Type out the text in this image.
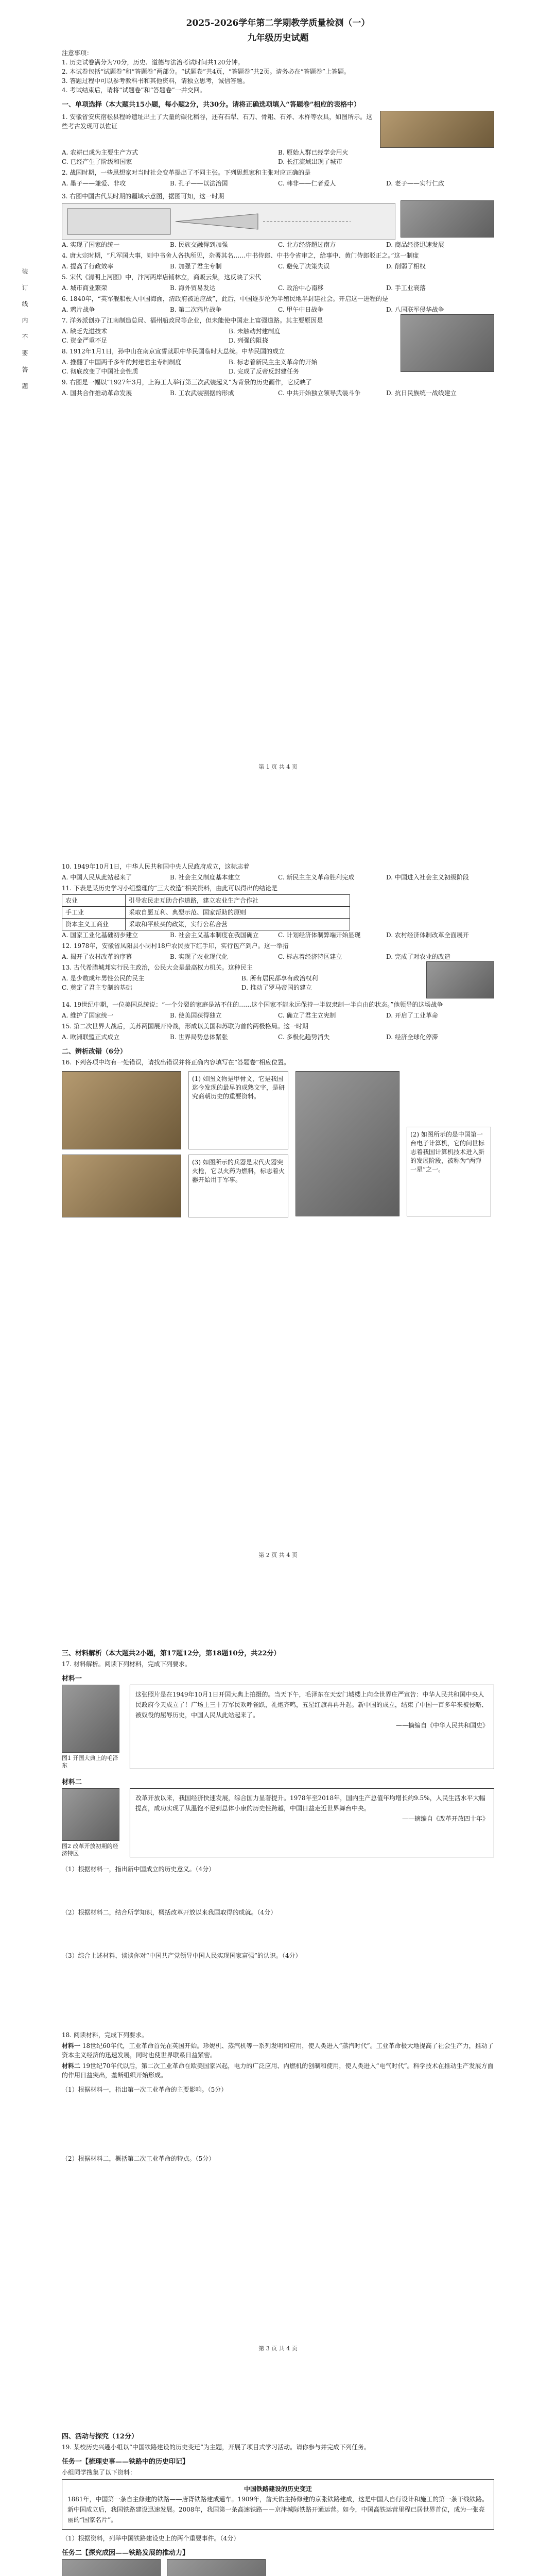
装 订 线 内 不 要 答 题
2025-2026学年第二学期教学质量检测（一）
九年级历史试题
注意事项：
1. 历史试卷满分为70分，历史、道德与法治考试时间共120分钟。
2. 本试卷包括“试题卷”和“答题卷”两部分。“试题卷”共4页，“答题卷”共2页。请务必在“答题卷”上答题。
3. 答题过程中可以参考教科书和其他资料，请独立思考，诚信答题。
4. 考试结束后，请将“试题卷”和“答题卷”一并交回。
一、单项选择（本大题共15小题，每小题2分，共30分。请将正确选项填入“答题卷”相应的表格中）
1. 安徽省安庆宿松县程岭遗址出土了大量的碳化稻谷，还有石犁、石刀、骨耜、石斧、木杵等农具，如图所示。这些考古发现可以佐证
A. 农耕已成为主要生产方式	B. 原始人群已经学会用火
C. 已经产生了阶级和国家	D. 长江流域出现了城市
2. 战国时期，一些思想家对当时社会变革提出了不同主张。下列思想家和主张对应正确的是
A. 墨子——兼爱、非攻	B. 孔子——以法治国	C. 韩非——仁者爱人	D. 老子——实行仁政
3. 右图中国古代某时期的疆域示意图，据图可知，这一时期
A. 实现了国家的统一	B. 民族交融得到加强	C. 北方经济超过南方	D. 商品经济迅速发展
4. 唐太宗时期，“凡军国大事，则中书舍人各执所见，杂署其名……中书侍郎、中书令省审之，给事中、黄门侍郎驳正之。”这一制度
A. 提高了行政效率	B. 加强了君主专制	C. 避免了决策失误	D. 削弱了相权
5. 宋代《清明上河图》中，汴河两岸店铺林立，商贩云集，这反映了宋代
A. 城市商业繁荣	B. 海外贸易发达	C. 政治中心南移	D. 手工业衰落
6. 1840年，“英军舰船驶入中国海面，清政府被迫应战”，此后，中国逐步沦为半殖民地半封建社会。开启这一进程的是
A. 鸦片战争	B. 第二次鸦片战争	C. 甲午中日战争	D. 八国联军侵华战争
7. 洋务派创办了江南制造总局、福州船政局等企业，但未能使中国走上富强道路。其主要原因是
A. 缺乏先进技术	B. 未触动封建制度
C. 资金严重不足	D. 列强的阻挠
8. 1912年1月1日，孙中山在南京宣誓就职中华民国临时大总统。中华民国的成立
A. 推翻了中国两千多年的封建君主专制制度	B. 标志着新民主主义革命的开始
C. 彻底改变了中国社会性质	D. 完成了反帝反封建任务
9. 右图是一幅以“1927年3月，上海工人举行第三次武装起义”为背景的历史画作，它反映了
A. 国共合作推动革命发展	B. 工农武装割据的形成	C. 中共开始独立领导武装斗争	D. 抗日民族统一战线建立
第 1 页 共 4 页
10. 1949年10月1日，中华人民共和国中央人民政府成立，这标志着
A. 中国人民从此站起来了	B. 社会主义制度基本建立	C. 新民主主义革命胜利完成	D. 中国进入社会主义初级阶段
11. 下表是某历史学习小组整理的“三大改造”相关资料，由此可以得出的结论是
农业	引导农民走互助合作道路，建立农业生产合作社
手工业	采取自愿互利、典型示范、国家帮助的原则
资本主义工商业	采取和平赎买的政策，实行公私合营
A. 国家工业化基础初步建立	B. 社会主义基本制度在我国确立	C. 计划经济体制弊端开始显现	D. 农村经济体制改革全面展开
12. 1978年，安徽省凤阳县小岗村18户农民按下红手印，实行包产到户。这一举措
A. 揭开了农村改革的序幕	B. 实现了农业现代化	C. 标志着经济特区建立	D. 完成了对农业的改造
13. 古代希腊城邦实行民主政治，公民大会是最高权力机关。这种民主
A. 是少数成年男性公民的民主	B. 所有居民都享有政治权利
C. 奠定了君主专制的基础	D. 推动了罗马帝国的建立
14. 19世纪中期，一位美国总统说：“一个分裂的家庭是站不住的……这个国家不能永远保持一半奴隶制一半自由的状态。”他领导的这场战争
A. 维护了国家统一	B. 使美国获得独立	C. 确立了君主立宪制	D. 开启了工业革命
15. 第二次世界大战后，美苏两国展开冷战，形成以美国和苏联为首的两极格局。这一时期
A. 欧洲联盟正式成立	B. 世界局势总体紧张	C. 多极化趋势消失	D. 经济全球化停滞
二、辨析改错（6分）
16. 下列各项中均有一处错误，请找出错误并将正确内容填写在“答题卷”相应位置。
(1) 如图文物是甲骨文，它是我国迄今发现的最早的成熟文字，是研究商朝历史的重要资料。
(2) 如图所示的是中国第一台电子计算机，它的问世标志着我国计算机技术进入新的发展阶段，被称为“两弹一星”之一。
(3) 如图所示的兵器是宋代火器突火枪，它以火药为燃料，标志着火器开始用于军事。
第 2 页 共 4 页
三、材料解析（本大题共2小题，第17题12分，第18题10分，共22分）
17. 材料解析。阅读下列材料，完成下列要求。
材料一
图1 开国大典上的毛泽东
这张照片是在1949年10月1日开国大典上拍摄的。当天下午，毛泽东在天安门城楼上向全世界庄严宣告：中华人民共和国中央人民政府今天成立了！广场上三十万军民欢呼雀跃，礼炮齐鸣，五星红旗冉冉升起。新中国的成立，结束了中国一百多年来被侵略、被奴役的屈辱历史，中国人民从此站起来了。
——摘编自《中华人民共和国史》
材料二
图2 改革开放初期的经济特区
改革开放以来，我国经济快速发展，综合国力显著提升。1978年至2018年，国内生产总值年均增长约9.5%，人民生活水平大幅提高，成功实现了从温饱不足到总体小康的历史性跨越，中国日益走近世界舞台中央。
——摘编自《改革开放四十年》
（1）根据材料一，指出新中国成立的历史意义。（4分）
（2）根据材料二，结合所学知识，概括改革开放以来我国取得的成就。（4分）
（3）综合上述材料，谈谈你对“中国共产党领导中国人民实现国家富强”的认识。（4分）
18. 阅读材料，完成下列要求。
材料一 18世纪60年代，工业革命首先在英国开始。珍妮机、蒸汽机等一系列发明和应用，使人类进入“蒸汽时代”。工业革命极大地提高了社会生产力，推动了资本主义经济的迅速发展，同时也使世界联系日益紧密。
材料二 19世纪70年代以后，第二次工业革命在欧美国家兴起，电力的广泛应用、内燃机的创制和使用，使人类进入“电气时代”。科学技术在推动生产发展方面的作用日益突出，垄断组织开始形成。
（1）根据材料一，指出第一次工业革命的主要影响。（5分）
（2）根据材料二，概括第二次工业革命的特点。（5分）
第 3 页 共 4 页
四、活动与探究（12分）
19. 某校历史兴趣小组以“中国铁路建设的历史变迁”为主题，开展了项目式学习活动。请你参与并完成下列任务。
任务一【梳理史事——铁路中的历史印记】
小组同学搜集了以下资料：
中国铁路建设的历史变迁
1881年，中国第一条自主修建的铁路——唐胥铁路建成通车。1909年，詹天佑主持修建的京张铁路建成，这是中国人自行设计和施工的第一条干线铁路。新中国成立后，我国铁路建设迅速发展。2008年，我国第一条高速铁路——京津城际铁路开通运营。如今，中国高铁运营里程已居世界首位，成为一张亮丽的“国家名片”。
（1）根据资料，列举中国铁路建设史上的两个重要事件。（4分）
任务二【探究成因——铁路发展的推动力】
